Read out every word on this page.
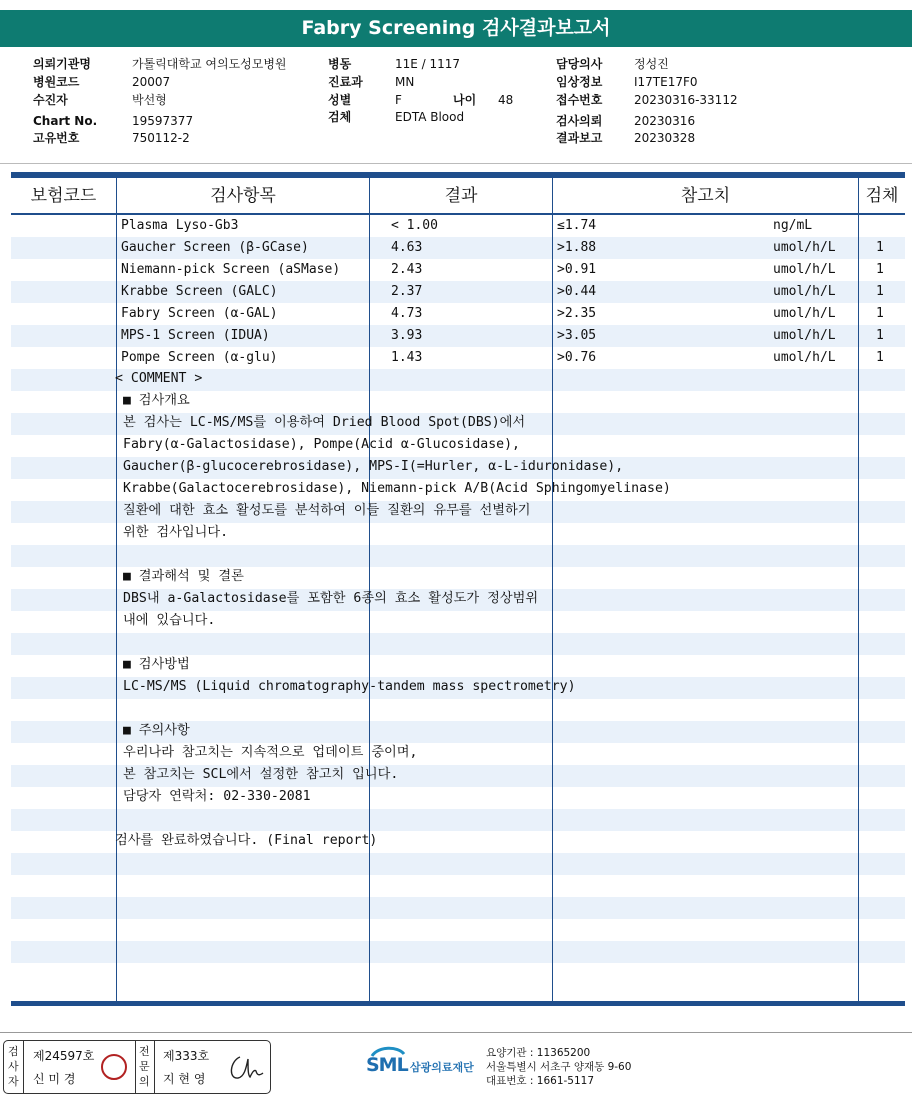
Fabry Screening 검사결과보고서
의뢰기관명	가톨릭대학교 여의도성모병원
병원코드	20007
수진자	박선형
Chart No.	19597377
고유번호	750112-2
병동	11E / 1117
진료과	MN
성별	F	나이	48
검체	EDTA Blood
담당의사	정성진
임상정보	I17TE17F0
접수번호	20230316-33112
검사의뢰	20230316
결과보고	20230328
보험코드	검사항목	결과	참고치	검체
Plasma Lyso-Gb3	< 1.00	≤1.74	ng/mL
Gaucher Screen (β-GCase)	4.63	>1.88	umol/h/L	1
Niemann-pick Screen (aSMase)	2.43	>0.91	umol/h/L	1
Krabbe Screen (GALC)	2.37	>0.44	umol/h/L	1
Fabry Screen (α-GAL)	4.73	>2.35	umol/h/L	1
MPS-1 Screen (IDUA)	3.93	>3.05	umol/h/L	1
Pompe Screen (α-glu)	1.43	>0.76	umol/h/L	1
< COMMENT >
■ 검사개요
본 검사는 LC-MS/MS를 이용하여 Dried Blood Spot(DBS)에서
Fabry(α-Galactosidase), Pompe(Acid α-Glucosidase),
Gaucher(β-glucocerebrosidase), MPS-I(=Hurler, α-L-iduronidase),
Krabbe(Galactocerebrosidase), Niemann-pick A/B(Acid Sphingomyelinase)
질환에 대한 효소 활성도를 분석하여 이들 질환의 유무를 선별하기
위한 검사입니다.
■ 결과해석 및 결론
DBS내 a-Galactosidase를 포함한 6종의 효소 활성도가 정상범위
내에 있습니다.
■ 검사방법
LC-MS/MS (Liquid chromatography-tandem mass spectrometry)
■ 주의사항
우리나라 참고치는 지속적으로 업데이트 중이며,
본 참고치는 SCL에서 설정한 참고치 입니다.
담당자 연락처: 02-330-2081
검사를 완료하였습니다. (Final report)
검사자
제24597호
신 미 경
전문의
제333호
지 현 영
SML 삼광의료재단
요양기관 : 11365200
서울특별시 서초구 양재동 9-60
대표번호 : 1661-5117
